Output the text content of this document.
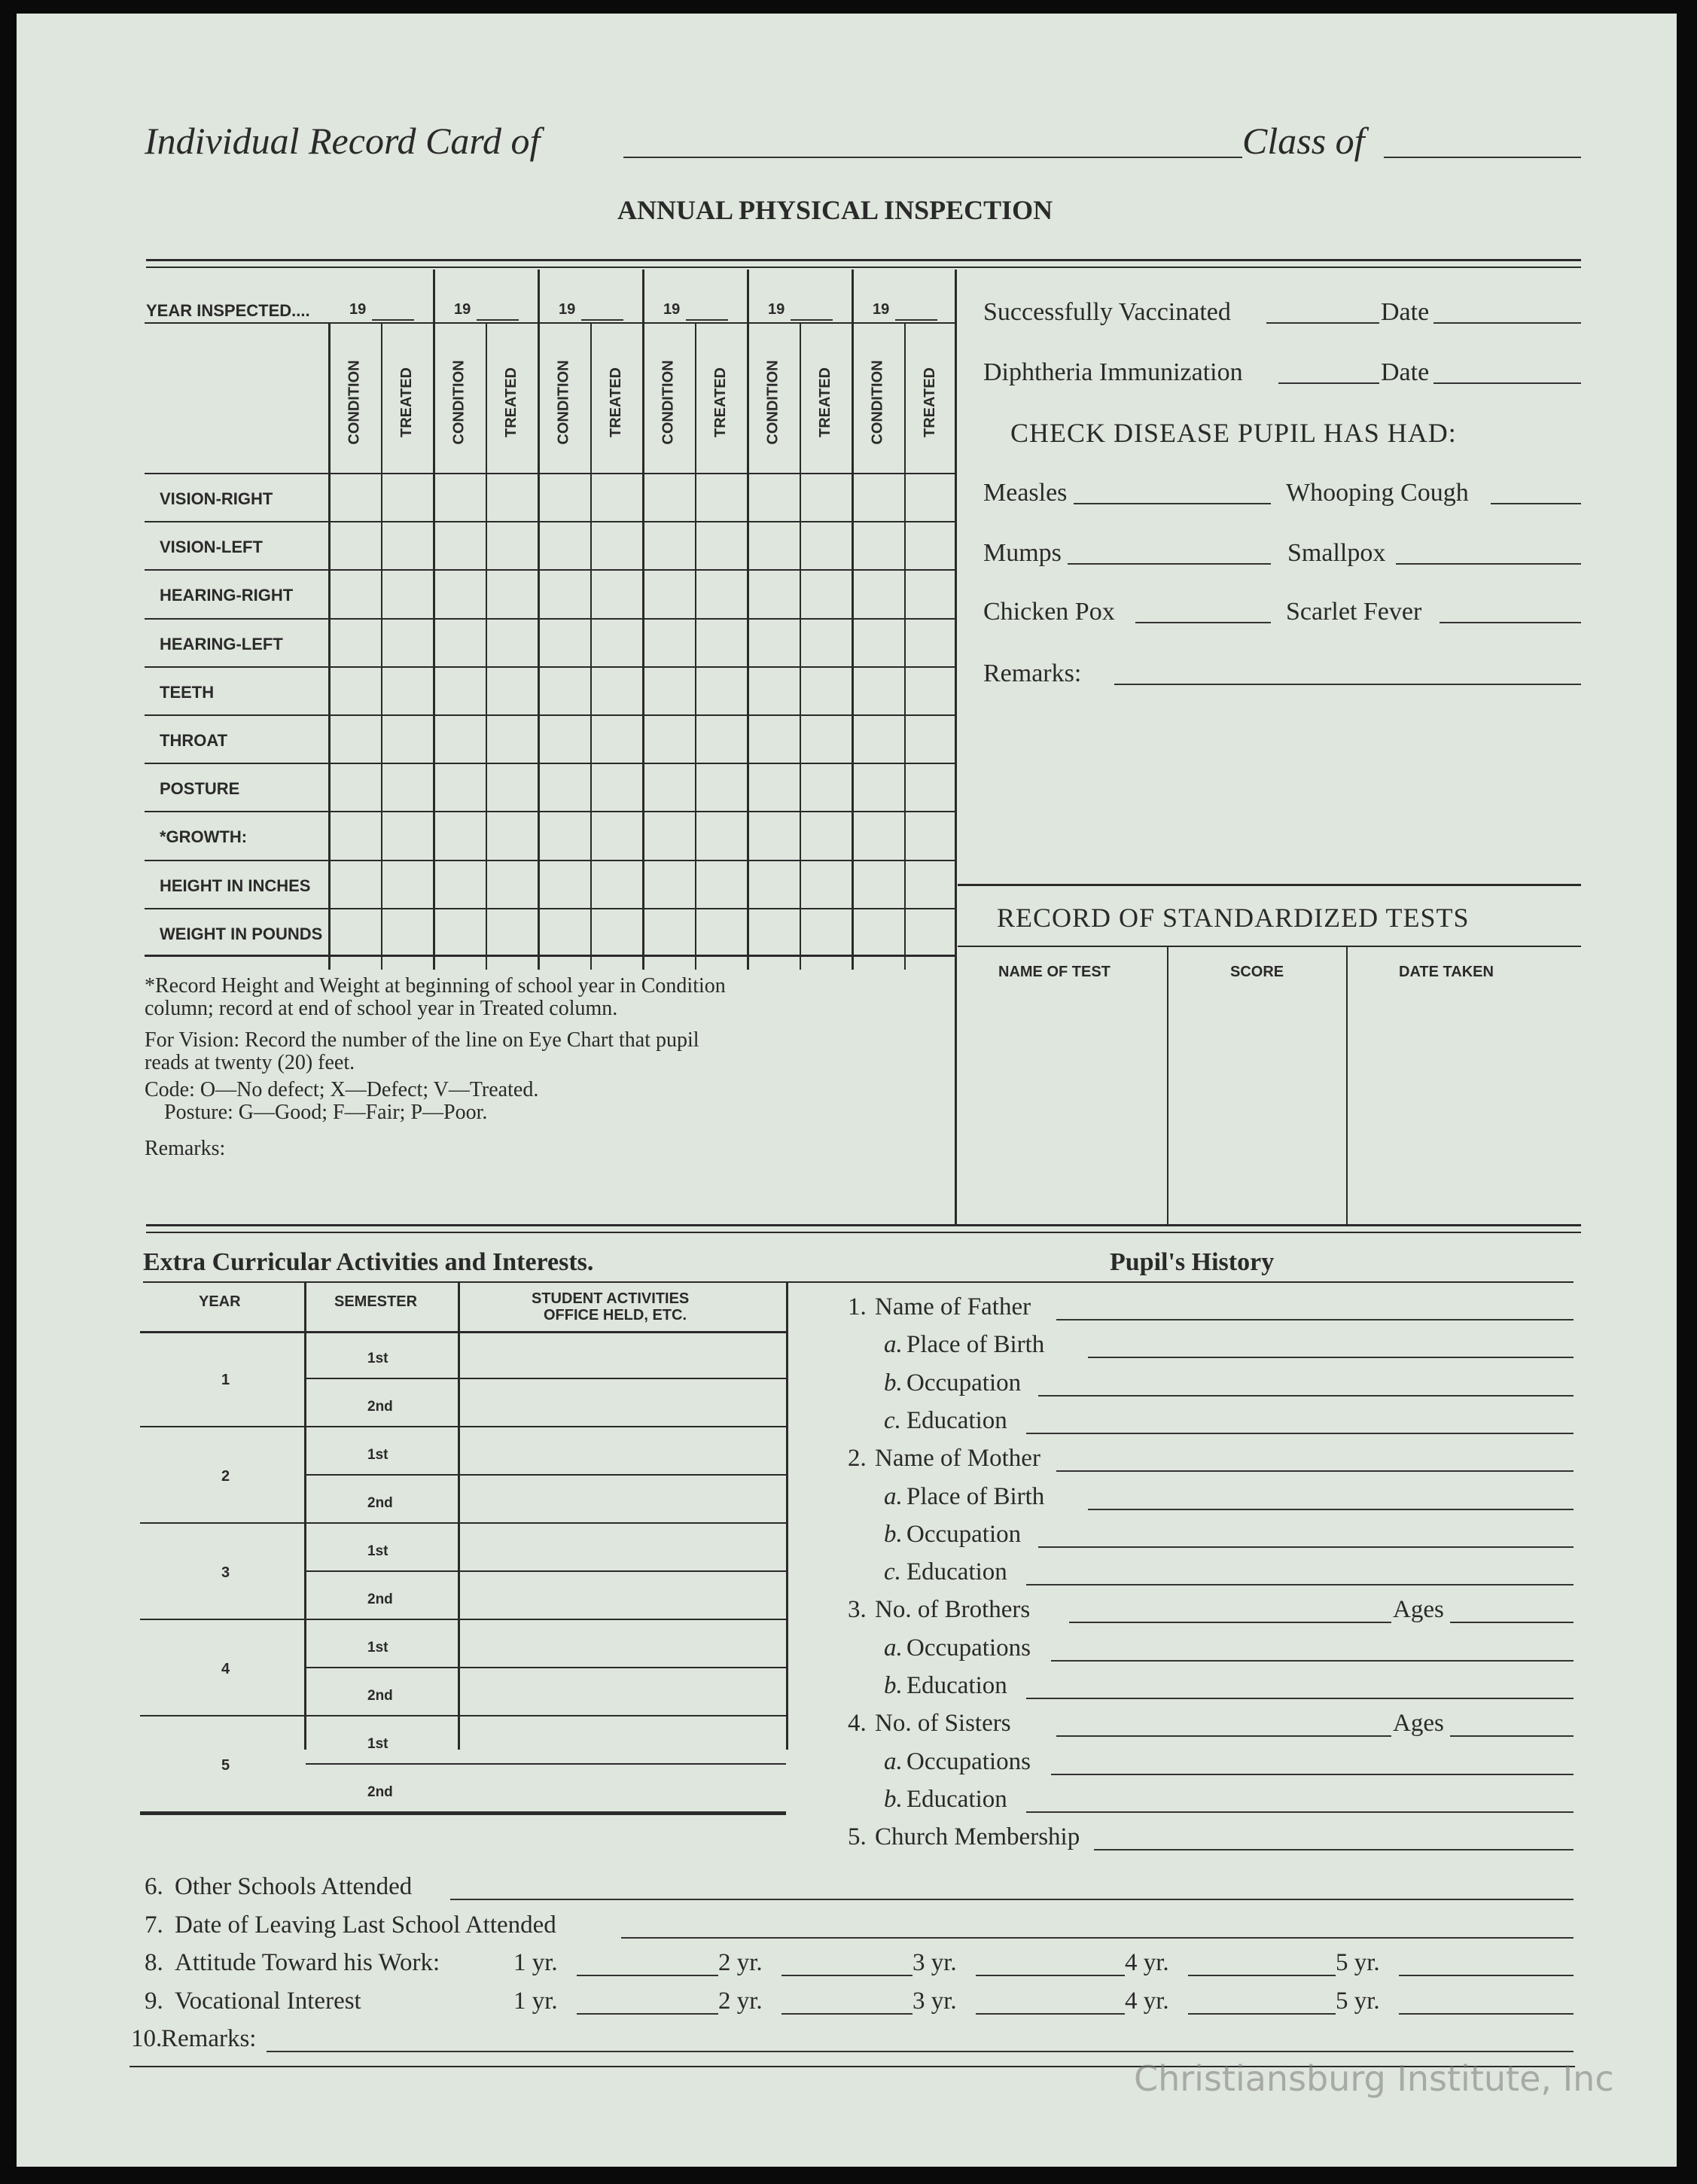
Individual Record Card of	Class of
ANNUAL PHYSICAL INSPECTION
YEAR INSPECTED....	19
CONDITION TREATED
19
CONDITION TREATED
19
CONDITION TREATED
19
CONDITION TREATED
19
CONDITION TREATED
19
CONDITION TREATED
VISION-RIGHT
VISION-LEFT
HEARING-RIGHT
HEARING-LEFT
TEETH
THROAT
POSTURE
*GROWTH:
HEIGHT IN INCHES
WEIGHT IN POUNDS
*Record Height and Weight at beginning of school year in Condition
column; record at end of school year in Treated column.
For Vision: Record the number of the line on Eye Chart that pupil
reads at twenty (20) feet.
Code: O—No defect; X—Defect; V—Treated.
Posture: G—Good; F—Fair; P—Poor.
Remarks:
Successfully Vaccinated	Date
Diphtheria Immunization	Date
CHECK DISEASE PUPIL HAS HAD:
Measles	Whooping Cough
Mumps	Smallpox
Chicken Pox	Scarlet Fever
Remarks:
RECORD OF STANDARDIZED TESTS
NAME OF TEST	SCORE	DATE TAKEN
Extra Curricular Activities and Interests.
YEAR	SEMESTER	STUDENT ACTIVITIES
OFFICE HELD, ETC.
1
1st
2nd
2
1st
2nd
3
1st
2nd
4
1st
2nd
5
1st
2nd
Pupil's History
1. Name of Father
a. Place of Birth
b. Occupation
c. Education
2. Name of Mother
a. Place of Birth
b. Occupation
c. Education
3. No. of Brothers	Ages
a. Occupations
b. Education
4. No. of Sisters	Ages
a. Occupations
b. Education
5. Church Membership
6. Other Schools Attended
7. Date of Leaving Last School Attended
8. Attitude Toward his Work:	1 yr.	2 yr.	3 yr.	4 yr.	5 yr.
9. Vocational Interest	1 yr.	2 yr.	3 yr.	4 yr.	5 yr.
10.
Remarks:
Christiansburg Institute, Inc
